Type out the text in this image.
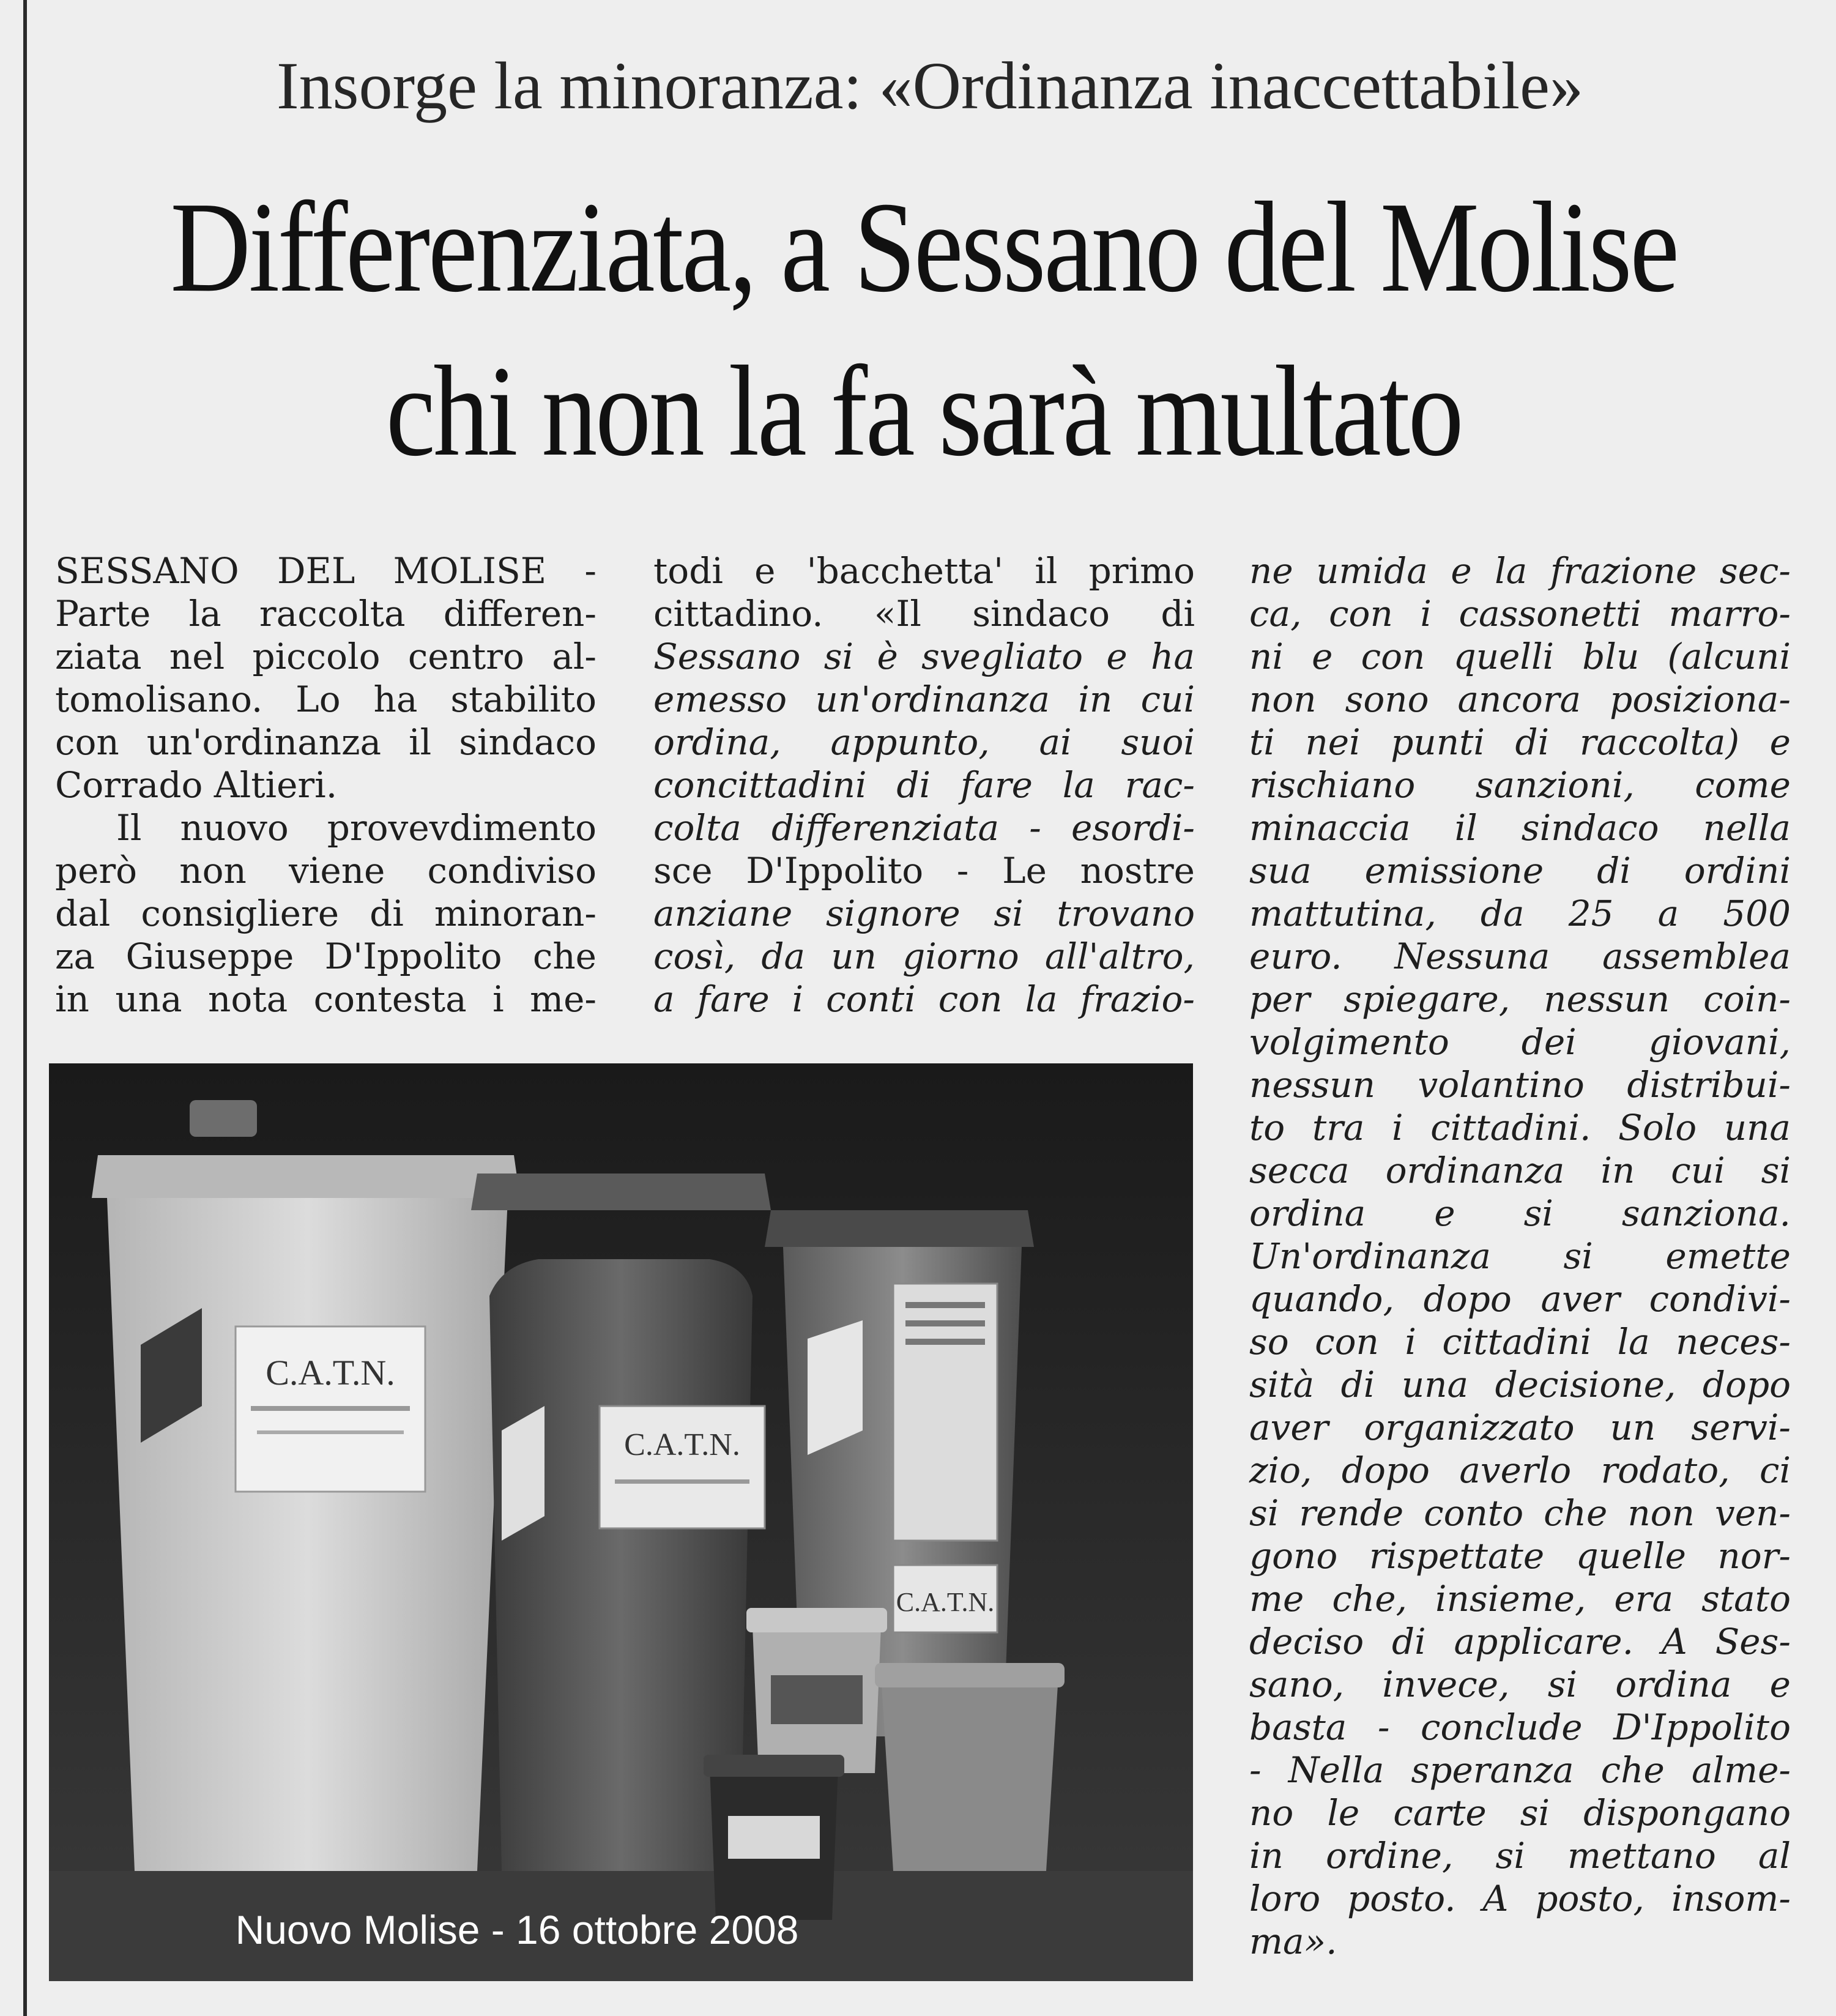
Insorge la minoranza: «Ordinanza inaccettabile»
Differenziata, a Sessano del Molise
chi non la fa sarà multato
SESSANO DEL MOLISE -
Parte la raccolta differen-
ziata nel piccolo centro al-
tomolisano. Lo ha stabilito
con un'ordinanza il sindaco
Corrado Altieri.
Il nuovo provevdimento
però non viene condiviso
dal consigliere di minoran-
za Giuseppe D'Ippolito che
in una nota contesta i me-
todi e 'bacchetta' il primo
cittadino. «Il sindaco di
Sessano si è svegliato e ha
emesso un'ordinanza in cui
ordina, appunto, ai suoi
concittadini di fare la rac-
colta differenziata - esordi-
sce D'Ippolito - Le nostre
anziane signore si trovano
così, da un giorno all'altro,
a fare i conti con la frazio-
ne umida e la frazione sec-
ca, con i cassonetti marro-
ni e con quelli blu (alcuni
non sono ancora posiziona-
ti nei punti di raccolta) e
rischiano sanzioni, come
minaccia il sindaco nella
sua emissione di ordini
mattutina, da 25 a 500
euro. Nessuna assemblea
per spiegare, nessun coin-
volgimento dei giovani,
nessun volantino distribui-
to tra i cittadini. Solo una
secca ordinanza in cui si
ordina e si sanziona.
Un'ordinanza si emette
quando, dopo aver condivi-
so con i cittadini la neces-
sità di una decisione, dopo
aver organizzato un servi-
zio, dopo averlo rodato, ci
si rende conto che non ven-
gono rispettate quelle nor-
me che, insieme, era stato
deciso di applicare. A Ses-
sano, invece, si ordina e
basta - conclude D'Ippolito
- Nella speranza che alme-
no le carte si dispongano
in ordine, si mettano al
loro posto. A posto, insom-
ma».
C.A.T.N.
C.A.T.N.
C.A.T.N.
Nuovo Molise - 16 ottobre 2008
